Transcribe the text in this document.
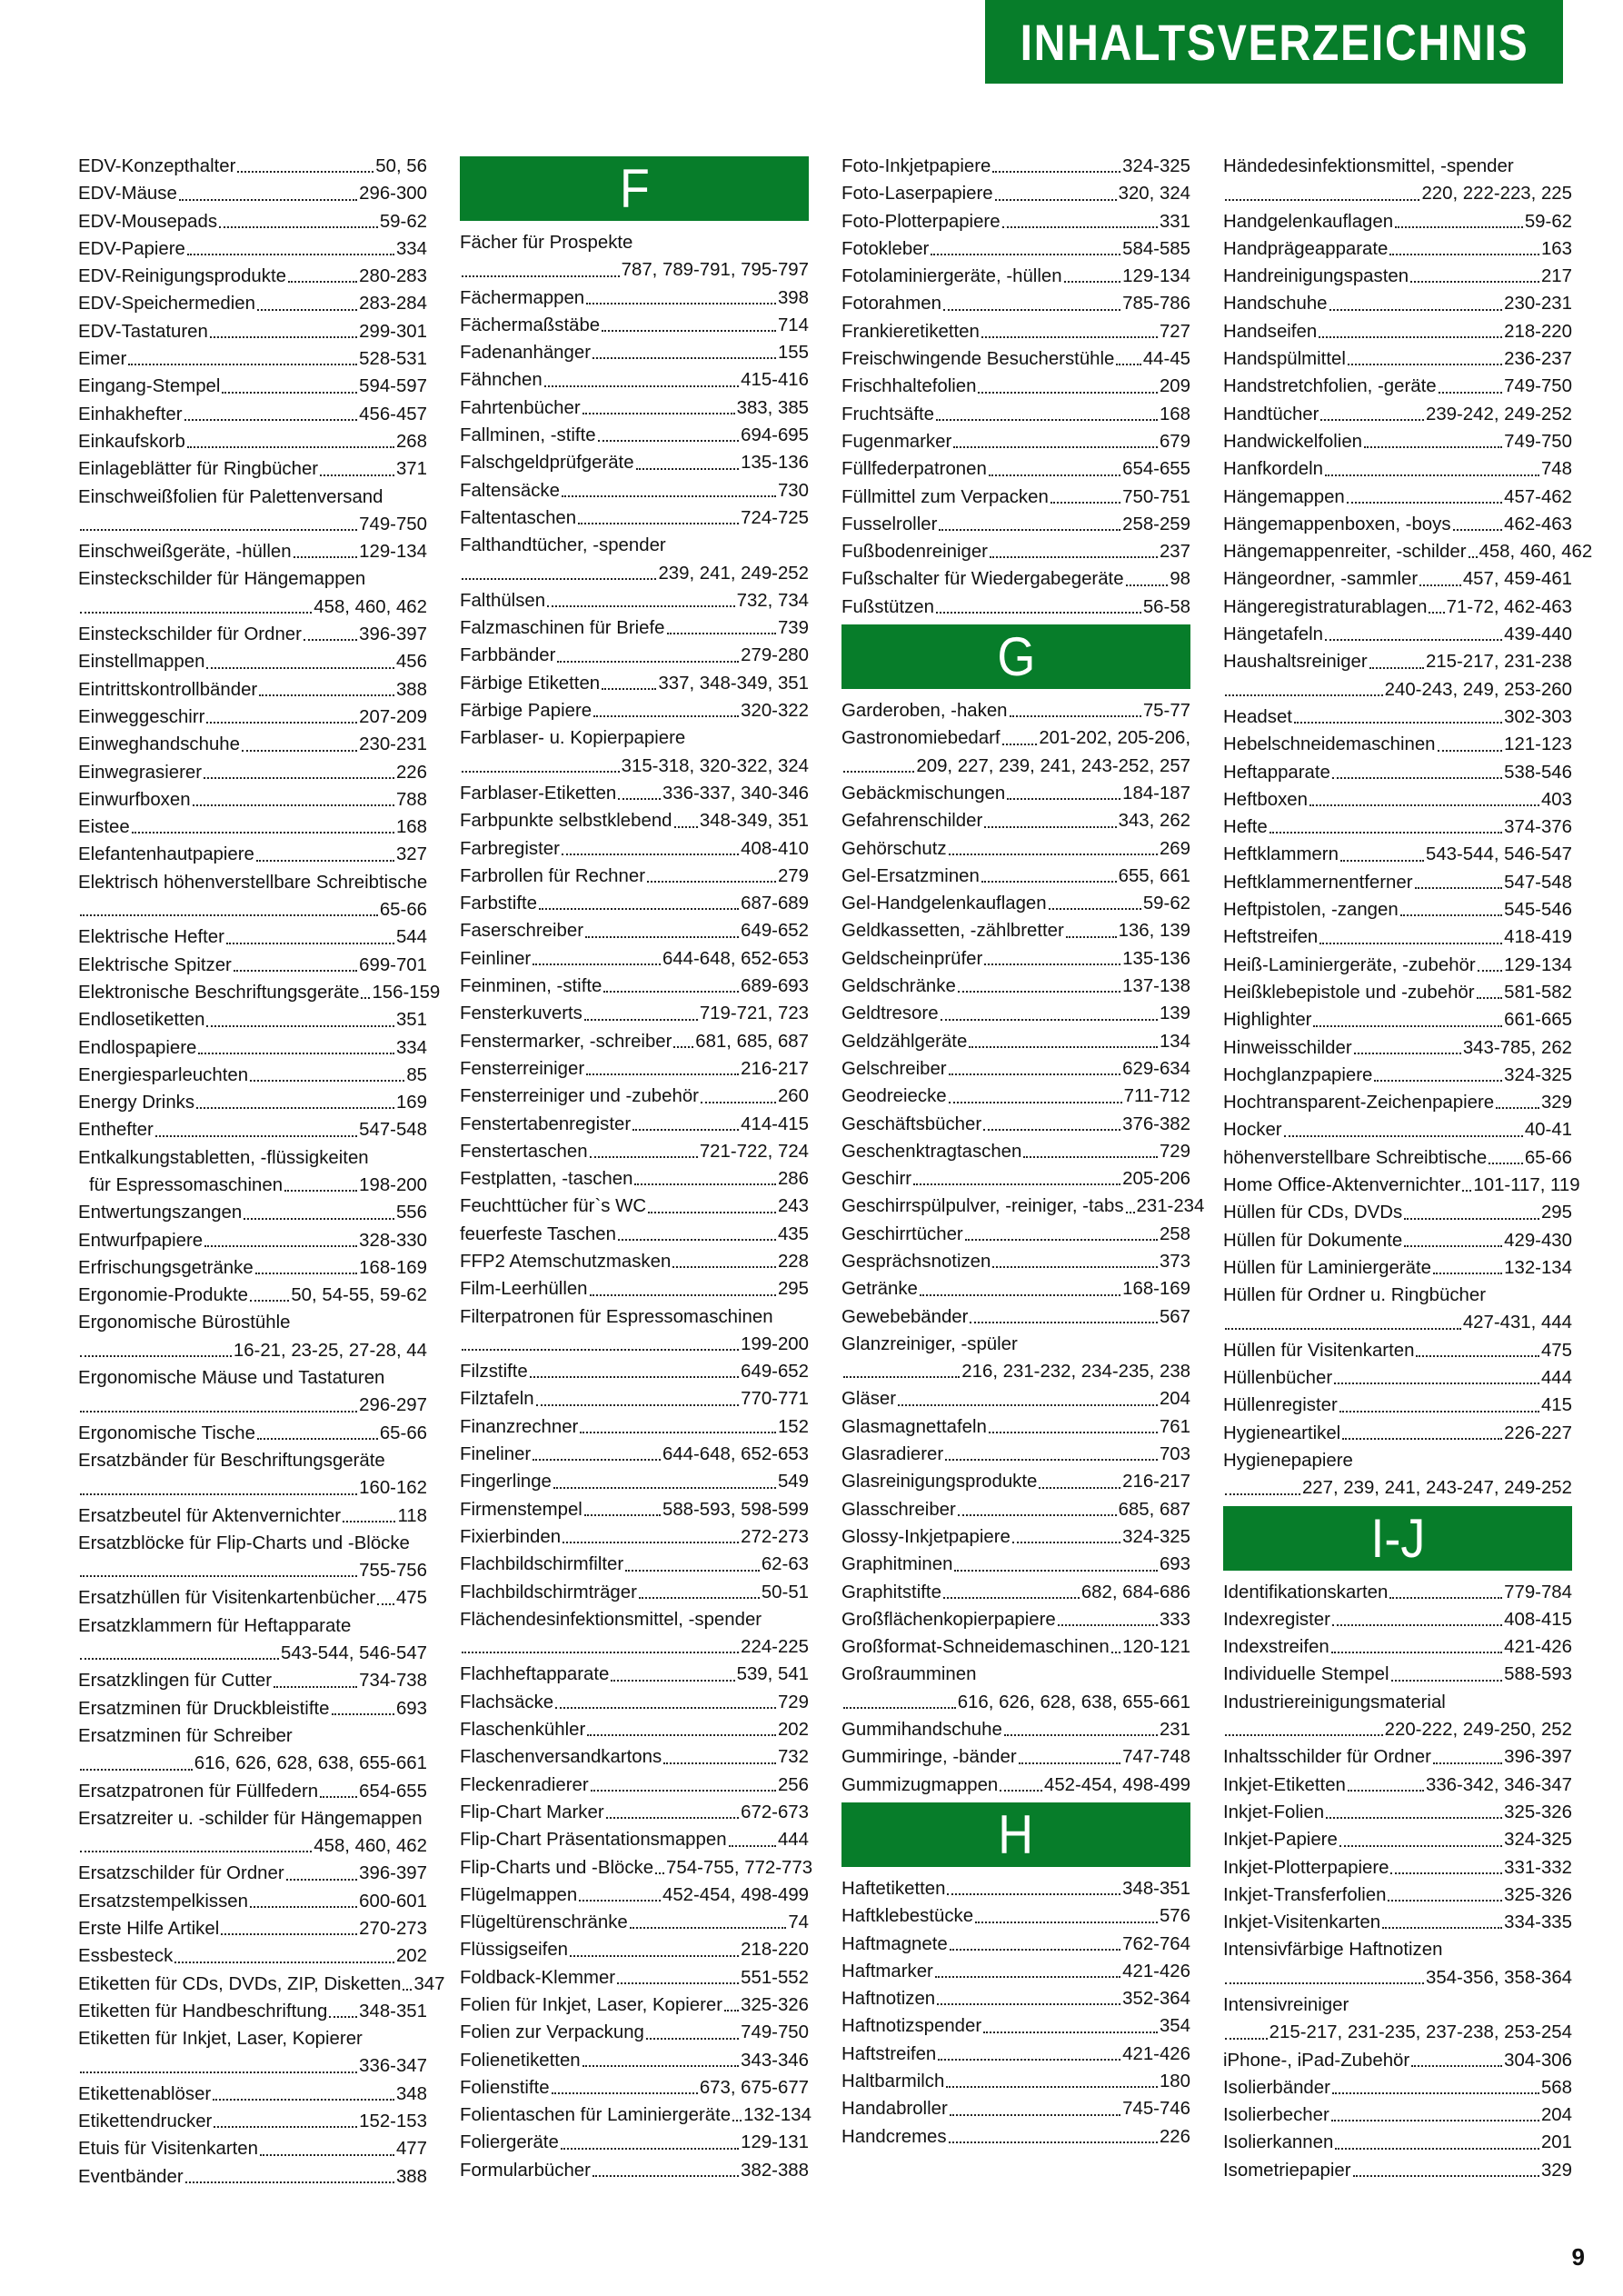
INHALTSVERZEICHNIS
EDV-Konzepthalter	50, 56
EDV-Mäuse	296-300
EDV-Mousepads	59-62
EDV-Papiere	334
EDV-Reinigungsprodukte	280-283
EDV-Speichermedien	283-284
EDV-Tastaturen	299-301
Eimer	528-531
Eingang-Stempel	594-597
Einhakhefter	456-457
Einkaufskorb	268
Einlageblätter für Ringbücher	371
Einschweißfolien für Palettenversand
749-750
Einschweißgeräte, -hüllen	129-134
Einsteckschilder für Hängemappen
458, 460, 462
Einsteckschilder für Ordner	396-397
Einstellmappen	456
Eintrittskontrollbänder	388
Einweggeschirr	207-209
Einweghandschuhe	230-231
Einwegrasierer	226
Einwurfboxen	788
Eistee	168
Elefantenhautpapiere	327
Elektrisch höhenverstellbare Schreibtische
65-66
Elektrische Hefter	544
Elektrische Spitzer	699-701
Elektronische Beschriftungsgeräte 156-159
Endlosetiketten	351
Endlospapiere	334
Energiesparleuchten	85
Energy Drinks	169
Enthefter	547-548
Entkalkungstabletten, -flüssigkeiten
für Espressomaschinen	198-200
Entwertungszangen	556
Entwurfpapiere	328-330
Erfrischungsgetränke	168-169
Ergonomie-Produkte 50, 54-55, 59-62
Ergonomische Bürostühle
16-21, 23-25, 27-28, 44
Ergonomische Mäuse und Tastaturen
296-297
Ergonomische Tische	65-66
Ersatzbänder für Beschriftungsgeräte
160-162
Ersatzbeutel für Aktenvernichter	118
Ersatzblöcke für Flip-Charts und -Blöcke
755-756
Ersatzhüllen für Visitenkartenbücher 475
Ersatzklammern für Heftapparate
543-544, 546-547
Ersatzklingen für Cutter	734-738
Ersatzminen für Druckbleistifte	693
Ersatzminen für Schreiber
616, 626, 628, 638, 655-661
Ersatzpatronen für Füllfedern 654-655
Ersatzreiter u. -schilder für Hängemappen
458, 460, 462
Ersatzschilder für Ordner	396-397
Ersatzstempelkissen	600-601
Erste Hilfe Artikel	270-273
Essbesteck	202
Etiketten für CDs, DVDs, ZIP, Disketten 347
Etiketten für Handbeschriftung 348-351
Etiketten für Inkjet, Laser, Kopierer
336-347
Etikettenablöser	348
Etikettendrucker	152-153
Etuis für Visitenkarten	477
Eventbänder	388
F
Fächer für Prospekte
787, 789-791, 795-797
Fächermappen	398
Fächermaßstäbe	714
Fadenanhänger	155
Fähnchen	415-416
Fahrtenbücher	383, 385
Fallminen, -stifte	694-695
Falschgeldprüfgeräte	135-136
Faltensäcke	730
Faltentaschen	724-725
Falthandtücher, -spender
239, 241, 249-252
Falthülsen	732, 734
Falzmaschinen für Briefe	739
Farbbänder	279-280
Färbige Etiketten	337, 348-349, 351
Färbige Papiere	320-322
Farblaser- u. Kopierpapiere
315-318, 320-322, 324
Farblaser-Etiketten 336-337, 340-346
Farbpunkte selbstklebend 348-349, 351
Farbregister	408-410
Farbrollen für Rechner	279
Farbstifte	687-689
Faserschreiber	649-652
Feinliner	644-648, 652-653
Feinminen, -stifte	689-693
Fensterkuverts	719-721, 723
Fenstermarker, -schreiber 681, 685, 687
Fensterreiniger	216-217
Fensterreiniger und -zubehör	260
Fenstertabenregister	414-415
Fenstertaschen	721-722, 724
Festplatten, -taschen	286
Feuchttücher für`s WC	243
feuerfeste Taschen	435
FFP2 Atemschutzmasken	228
Film-Leerhüllen	295
Filterpatronen für Espressomaschinen
199-200
Filzstifte	649-652
Filztafeln	770-771
Finanzrechner	152
Fineliner	644-648, 652-653
Fingerlinge	549
Firmenstempel	588-593, 598-599
Fixierbinden	272-273
Flachbildschirmfilter	62-63
Flachbildschirmträger	50-51
Flächendesinfektionsmittel, -spender
224-225
Flachheftapparate	539, 541
Flachsäcke	729
Flaschenkühler	202
Flaschenversandkartons	732
Fleckenradierer	256
Flip-Chart Marker	672-673
Flip-Chart Präsentationsmappen	444
Flip-Charts und -Blöcke 754-755, 772-773
Flügelmappen	452-454, 498-499
Flügeltürenschränke	74
Flüssigseifen	218-220
Foldback-Klemmer	551-552
Folien für Inkjet, Laser, Kopierer 325-326
Folien zur Verpackung	749-750
Folienetiketten	343-346
Folienstifte	673, 675-677
Folientaschen für Laminiergeräte 132-134
Foliergeräte	129-131
Formularbücher	382-388
Foto-Inkjetpapiere	324-325
Foto-Laserpapiere	320, 324
Foto-Plotterpapiere	331
Fotokleber	584-585
Fotolaminiergeräte, -hüllen	129-134
Fotorahmen	785-786
Frankieretiketten	727
Freischwingende Besucherstühle 44-45
Frischhaltefolien	209
Fruchtsäfte	168
Fugenmarker	679
Füllfederpatronen	654-655
Füllmittel zum Verpacken	750-751
Fusselroller	258-259
Fußbodenreiniger	237
Fußschalter für Wiedergabegeräte 98
Fußstützen	56-58
G
Garderoben, -haken	75-77
Gastronomiebedarf 201-202, 205-206,
209, 227, 239, 241, 243-252, 257
Gebäckmischungen	184-187
Gefahrenschilder	343, 262
Gehörschutz	269
Gel-Ersatzminen	655, 661
Gel-Handgelenkauflagen	59-62
Geldkassetten, -zählbretter	136, 139
Geldscheinprüfer	135-136
Geldschränke	137-138
Geldtresore	139
Geldzählgeräte	134
Gelschreiber	629-634
Geodreiecke	711-712
Geschäftsbücher	376-382
Geschenktragtaschen	729
Geschirr	205-206
Geschirrspülpulver, -reiniger, -tabs 231-234
Geschirrtücher	258
Gesprächsnotizen	373
Getränke	168-169
Gewebebänder	567
Glanzreiniger, -spüler
216, 231-232, 234-235, 238
Gläser	204
Glasmagnettafeln	761
Glasradierer	703
Glasreinigungsprodukte	216-217
Glasschreiber	685, 687
Glossy-Inkjetpapiere	324-325
Graphitminen	693
Graphitstifte	682, 684-686
Großflächenkopierpapiere	333
Großformat-Schneidemaschinen 120-121
Großraumminen
616, 626, 628, 638, 655-661
Gummihandschuhe	231
Gummiringe, -bänder	747-748
Gummizugmappen 452-454, 498-499
H
Haftetiketten	348-351
Haftklebestücke	576
Haftmagnete	762-764
Haftmarker	421-426
Haftnotizen	352-364
Haftnotizspender	354
Haftstreifen	421-426
Haltbarmilch	180
Handabroller	745-746
Handcremes	226
Händedesinfektionsmittel, -spender
220, 222-223, 225
Handgelenkauflagen	59-62
Handprägeapparate	163
Handreinigungspasten	217
Handschuhe	230-231
Handseifen	218-220
Handspülmittel	236-237
Handstretchfolien, -geräte	749-750
Handtücher	239-242, 249-252
Handwickelfolien	749-750
Hanfkordeln	748
Hängemappen	457-462
Hängemappenboxen, -boys	462-463
Hängemappenreiter, -schilder 458, 460, 462
Hängeordner, -sammler 457, 459-461
Hängeregistraturablagen 71-72, 462-463
Hängetafeln	439-440
Haushaltsreiniger	215-217, 231-238
240-243, 249, 253-260
Headset	302-303
Hebelschneidemaschinen	121-123
Heftapparate	538-546
Heftboxen	403
Hefte	374-376
Heftklammern	543-544, 546-547
Heftklammernentferner	547-548
Heftpistolen, -zangen	545-546
Heftstreifen	418-419
Heiß-Laminiergeräte, -zubehör 129-134
Heißklebepistole und -zubehör 581-582
Highlighter	661-665
Hinweisschilder	343-785, 262
Hochglanzpapiere	324-325
Hochtransparent-Zeichenpapiere	329
Hocker	40-41
höhenverstellbare Schreibtische 65-66
Home Office-Aktenvernichter 101-117, 119
Hüllen für CDs, DVDs	295
Hüllen für Dokumente	429-430
Hüllen für Laminiergeräte	132-134
Hüllen für Ordner u. Ringbücher
427-431, 444
Hüllen für Visitenkarten	475
Hüllenbücher	444
Hüllenregister	415
Hygieneartikel	226-227
Hygienepapiere
227, 239, 241, 243-247, 249-252
I-J
Identifikationskarten	779-784
Indexregister	408-415
Indexstreifen	421-426
Individuelle Stempel	588-593
Industriereinigungsmaterial
220-222, 249-250, 252
Inhaltsschilder für Ordner	396-397
Inkjet-Etiketten	336-342, 346-347
Inkjet-Folien	325-326
Inkjet-Papiere	324-325
Inkjet-Plotterpapiere	331-332
Inkjet-Transferfolien	325-326
Inkjet-Visitenkarten	334-335
Intensivfärbige Haftnotizen
354-356, 358-364
Intensivreiniger
215-217, 231-235, 237-238, 253-254
iPhone-, iPad-Zubehör	304-306
Isolierbänder	568
Isolierbecher	204
Isolierkannen	201
Isometriepapier	329
9
